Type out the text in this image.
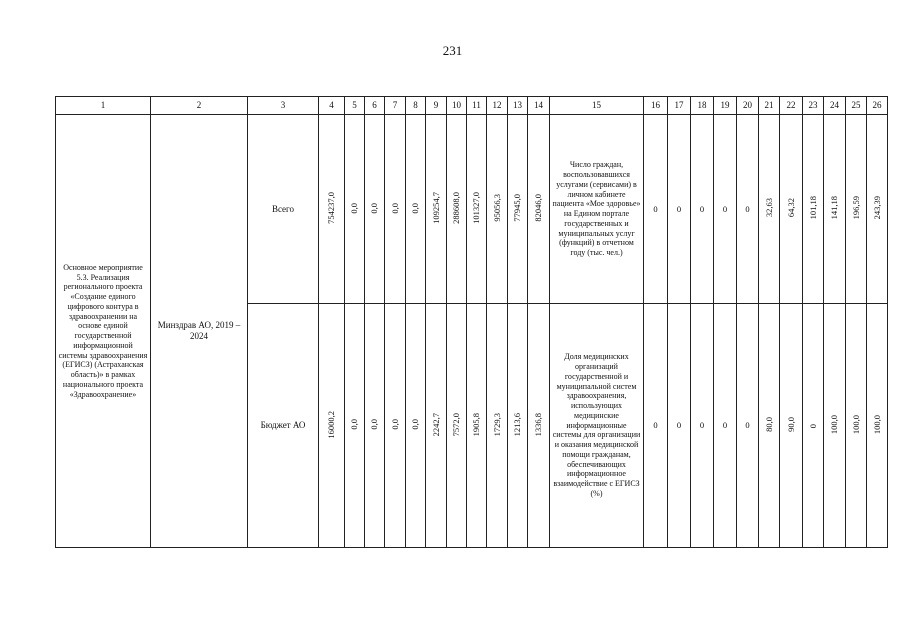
231
1	2	3	4	5	6	7	8	9	10	11	12	13	14	15	16	17	18	19	20	21	22	23	24	25	26

Основное мероприятие 5.3. Реализация регионального проекта «Создание единого цифрового контура в здравоохранении на основе единой государственной информационной системы здравоохранения (ЕГИСЗ) (Астраханская область)» в рамках национального проекта «Здравоохранение»	Минздрав АО, 2019 –2024	Всего	754237,0	0,0	0,0	0,0	0,0	109254,7	288608,0	101327,0	95056,3	77945,0	82046,0	Число граждан, воспользовавшихся услугами (сервисами) в личном кабинете пациента «Мое здоровье» на Едином портале государственных и муниципальных услуг (функций) в отчетном году (тыс. чел.)	0	0	0	0	0	32,63	64,32	101,18	141,18	196,59	243,39

		Бюджет АО	16000,2	0,0	0,0	0,0	0,0	2242,7	7572,0	1905,8	1729,3	1213,6	1336,8	Доля медицинских организаций государственной и муниципальной систем здравоохранения, использующих медицинские информационные системы для организации и оказания медицинской помощи гражданам, обеспечивающих информационное взаимодействие с ЕГИСЗ (%)	0	0	0	0	0	80,0	90,0	0	100,0	100,0	100,0
